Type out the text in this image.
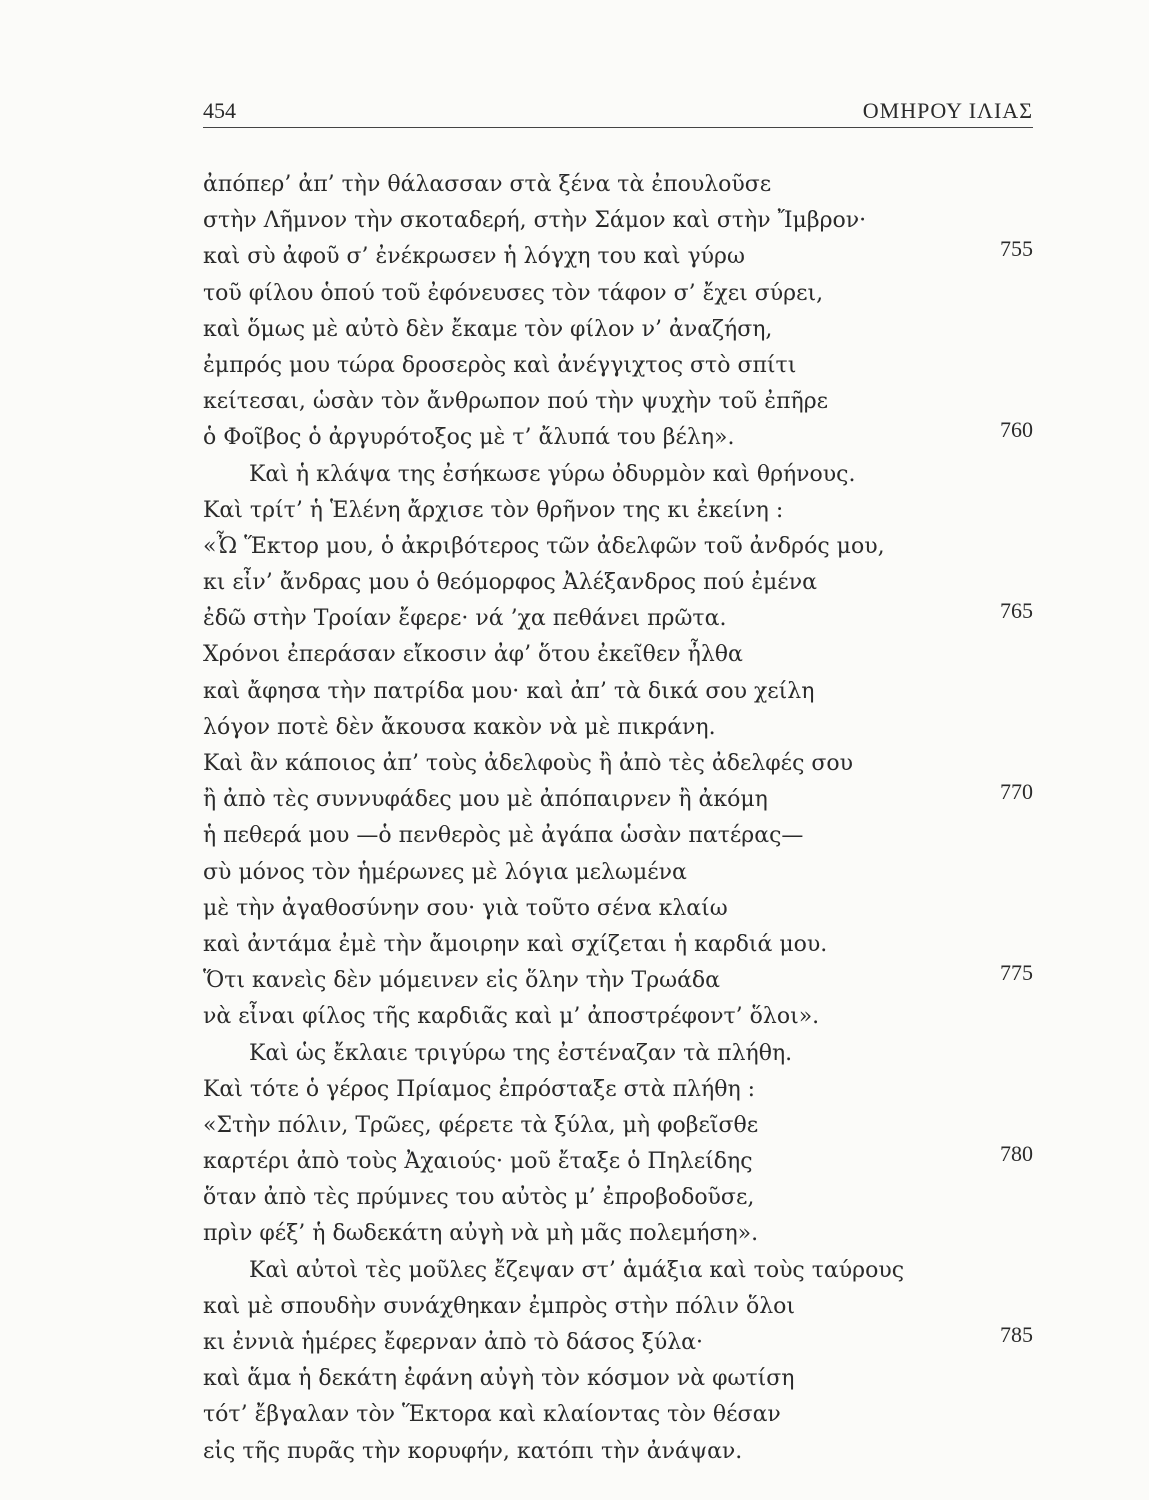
454	ΟΜΗΡΟΥ ΙΛΙΑΣ
ἀπόπερ’ ἀπ’ τὴν θάλασσαν στὰ ξένα τὰ ἐπουλοῦσε
στὴν Λῆμνον τὴν σκοταδερή, στὴν Σάμον καὶ στὴν Ἴμβρον·
καὶ σὺ ἀφοῦ σ’ ἐνέκρωσεν ἡ λόγχη του καὶ γύρω	755
τοῦ φίλου ὁπού τοῦ ἐφόνευσες τὸν τάφον σ’ ἔχει σύρει,
καὶ ὅμως μὲ αὐτὸ δὲν ἔκαμε τὸν φίλον ν’ ἀναζήση,
ἐμπρός μου τώρα δροσερὸς καὶ ἀνέγγιχτος στὸ σπίτι
κείτεσαι, ὡσὰν τὸν ἄνθρωπον πού τὴν ψυχὴν τοῦ ἐπῆρε
ὁ Φοῖβος ὁ ἀργυρότοξος μὲ τ’ ἄλυπά του βέλη».	760
Καὶ ἡ κλάψα της ἐσήκωσε γύρω ὀδυρμὸν καὶ θρήνους.
Καὶ τρίτ’ ἡ Ἑλένη ἄρχισε τὸν θρῆνον της κι ἐκείνη :
«Ὦ Ἕκτορ μου, ὁ ἀκριβότερος τῶν ἀδελφῶν τοῦ ἀνδρός μου,
κι εἶν’ ἄνδρας μου ὁ θεόμορφος Ἀλέξανδρος πού ἐμένα
ἐδῶ στὴν Τροίαν ἔφερε· νά ’χα πεθάνει πρῶτα.	765
Χρόνοι ἐπεράσαν εἴκοσιν ἀφ’ ὅτου ἐκεῖθεν ἦλθα
καὶ ἄφησα τὴν πατρίδα μου· καὶ ἀπ’ τὰ δικά σου χείλη
λόγον ποτὲ δὲν ἄκουσα κακὸν νὰ μὲ πικράνη.
Καὶ ἂν κάποιος ἀπ’ τοὺς ἀδελφοὺς ἢ ἀπὸ τὲς ἀδελφές σου
ἢ ἀπὸ τὲς συννυφάδες μου μὲ ἀπόπαιρνεν ἢ ἀκόμη	770
ἡ πεθερά μου —ὁ πενθερὸς μὲ ἀγάπα ὡσὰν πατέρας—
σὺ μόνος τὸν ἡμέρωνες μὲ λόγια μελωμένα
μὲ τὴν ἀγαθοσύνην σου· γιὰ τοῦτο σένα κλαίω
καὶ ἀντάμα ἐμὲ τὴν ἄμοιρην καὶ σχίζεται ἡ καρδιά μου.
Ὅτι κανεὶς δὲν μόμεινεν εἰς ὅλην τὴν Τρωάδα	775
νὰ εἶναι φίλος τῆς καρδιᾶς καὶ μ’ ἀποστρέφοντ’ ὅλοι».
Καὶ ὡς ἔκλαιε τριγύρω της ἐστέναζαν τὰ πλήθη.
Καὶ τότε ὁ γέρος Πρίαμος ἐπρόσταξε στὰ πλήθη :
«Στὴν πόλιν, Τρῶες, φέρετε τὰ ξύλα, μὴ φοβεῖσθε
καρτέρι ἀπὸ τοὺς Ἀχαιούς· μοῦ ἔταξε ὁ Πηλείδης	780
ὅταν ἀπὸ τὲς πρύμνες του αὐτὸς μ’ ἐπροβοδοῦσε,
πρὶν φέξ’ ἡ δωδεκάτη αὐγὴ νὰ μὴ μᾶς πολεμήση».
Καὶ αὐτοὶ τὲς μοῦλες ἔζεψαν στ’ ἁμάξια καὶ τοὺς ταύρους
καὶ μὲ σπουδὴν συνάχθηκαν ἐμπρὸς στὴν πόλιν ὅλοι
κι ἐννιὰ ἡμέρες ἔφερναν ἀπὸ τὸ δάσος ξύλα·	785
καὶ ἅμα ἡ δεκάτη ἐφάνη αὐγὴ τὸν κόσμον νὰ φωτίση
τότ’ ἔβγαλαν τὸν Ἕκτορα καὶ κλαίοντας τὸν θέσαν
εἰς τῆς πυρᾶς τὴν κορυφήν, κατόπι τὴν ἀνάψαν.
